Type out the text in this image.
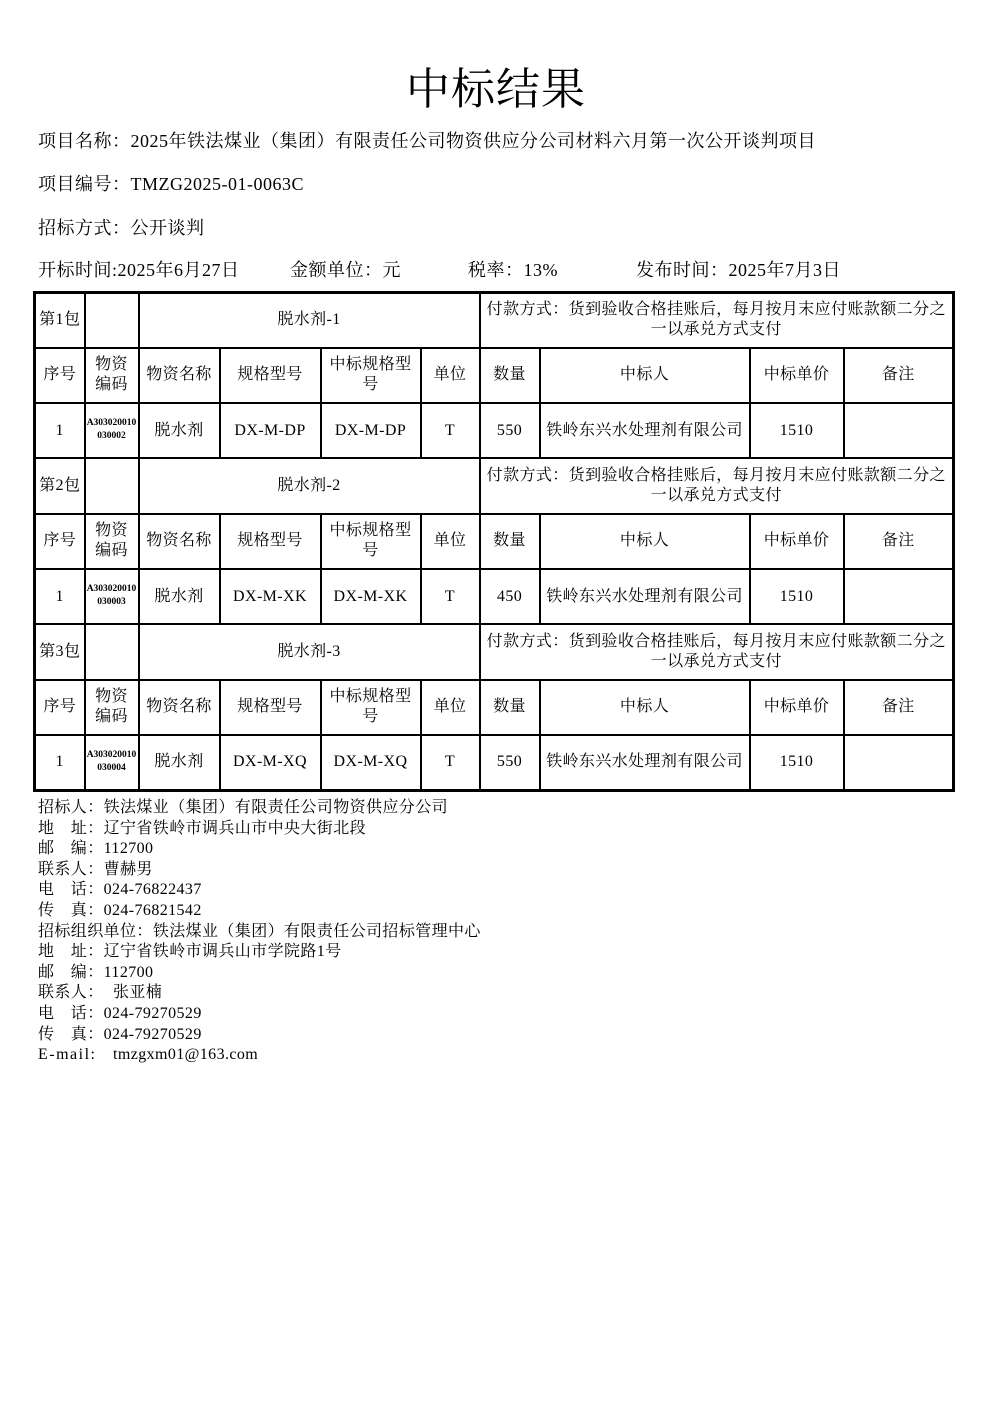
中标结果
项目名称：2025年铁法煤业（集团）有限责任公司物资供应分公司材料六月第一次公开谈判项目
项目编号：TMZG2025-01-0063C
招标方式：公开谈判
开标时间:2025年6月27日	金额单位：元	税率：13%	发布时间：2025年7月3日
第1包		脱水剂-1				付款方式：货到验收合格挂账后，每月按月末应付账款额二分之一以承兑方式支付			
序号	物资编码	物资名称	规格型号	中标规格型号	单位	数量	中标人	中标单价	备注
1	A303020010030002	脱水剂	DX-M-DP	DX-M-DP	T	550	铁岭东兴水处理剂有限公司	1510	
第2包		脱水剂-2				付款方式：货到验收合格挂账后，每月按月末应付账款额二分之一以承兑方式支付			
序号	物资编码	物资名称	规格型号	中标规格型号	单位	数量	中标人	中标单价	备注
1	A303020010030003	脱水剂	DX-M-XK	DX-M-XK	T	450	铁岭东兴水处理剂有限公司	1510	
第3包		脱水剂-3				付款方式：货到验收合格挂账后，每月按月末应付账款额二分之一以承兑方式支付			
序号	物资编码	物资名称	规格型号	中标规格型号	单位	数量	中标人	中标单价	备注
1	A303020010030004	脱水剂	DX-M-XQ	DX-M-XQ	T	550	铁岭东兴水处理剂有限公司	1510	
招标人：铁法煤业（集团）有限责任公司物资供应分公司
地　址：辽宁省铁岭市调兵山市中央大街北段
邮　编：112700
联系人：曹赫男
电　话：024-76822437
传　真：024-76821542
招标组织单位：铁法煤业（集团）有限责任公司招标管理中心
地　址：辽宁省铁岭市调兵山市学院路1号
邮　编：112700
联系人： 张亚楠
电　话：024-79270529
传　真：024-79270529
E-mail: tmzgxm01@163.com
